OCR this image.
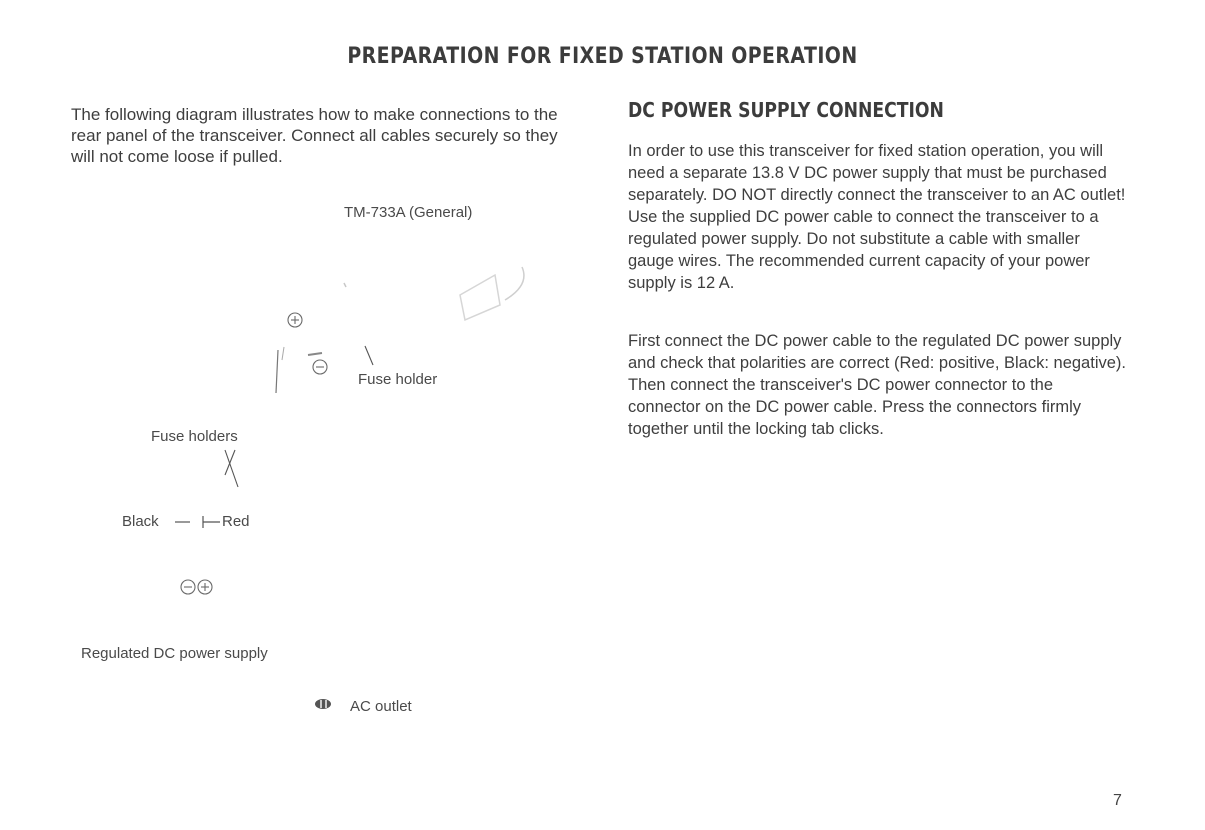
PREPARATION FOR FIXED STATION OPERATION

The following diagram illustrates how to make connections to the rear panel of the transceiver. Connect all cables securely so they will not come loose if pulled.

TM-733A (General)
Fuse holder
Fuse holders
Black	Red
Regulated DC power supply
AC outlet
DC POWER SUPPLY CONNECTION

In order to use this transceiver for fixed station operation, you will need a separate 13.8 V DC power supply that must be purchased separately. DO NOT directly connect the transceiver to an AC outlet! Use the supplied DC power cable to connect the transceiver to a regulated power supply. Do not substitute a cable with smaller gauge wires. The recommended current capacity of your power supply is 12 A.

First connect the DC power cable to the regulated DC power supply and check that polarities are correct (Red: positive, Black: negative). Then connect the transceiver's DC power connector to the connector on the DC power cable. Press the connectors firmly together until the locking tab clicks.

7
